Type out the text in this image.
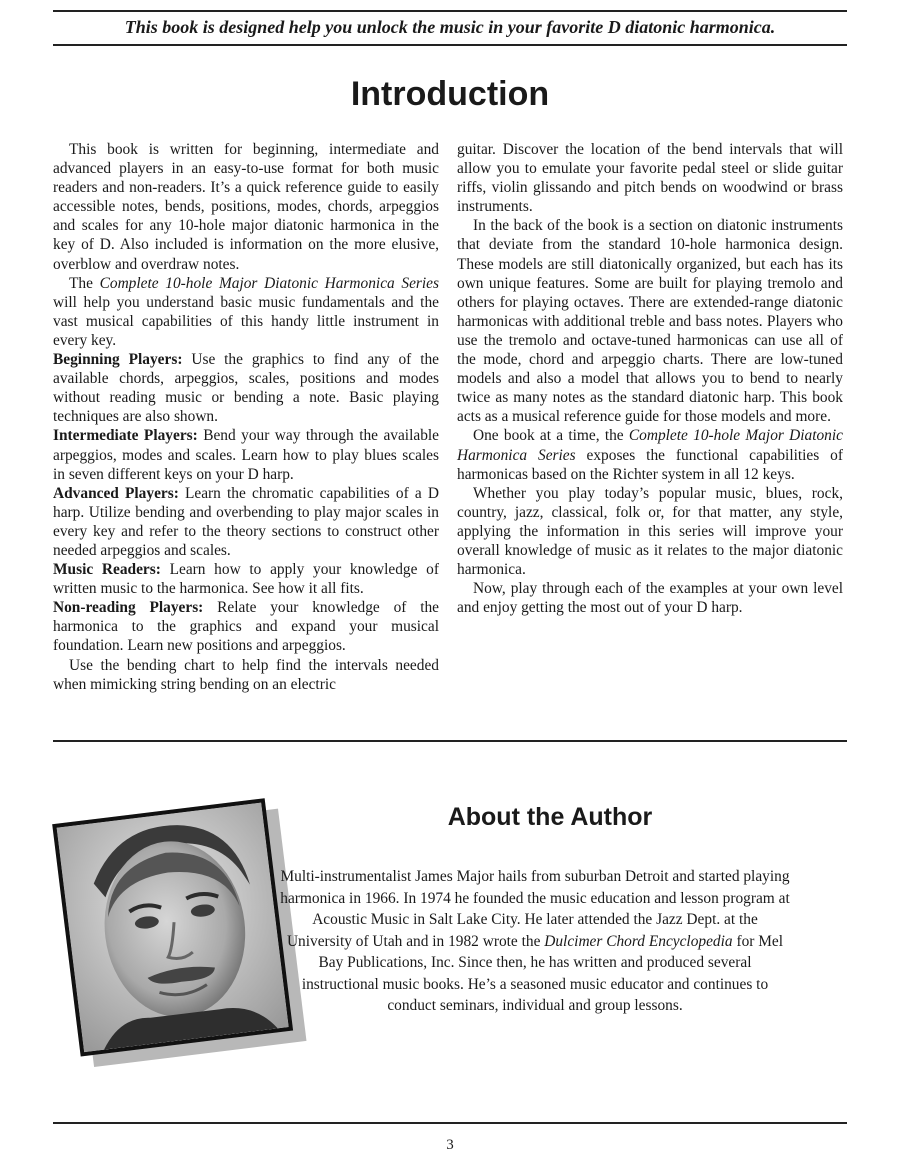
This book is designed help you unlock the music in your favorite D diatonic harmonica.
Introduction

This book is written for beginning, intermediate and advanced players in an easy-to-use format for both music readers and non-readers. It’s a quick reference guide to easily accessible notes, bends, positions, modes, chords, arpeggios and scales for any 10-hole major diatonic harmonica in the key of D. Also included is information on the more elusive, overblow and overdraw notes.

The Complete 10-hole Major Diatonic Harmonica Series will help you understand basic music fundamentals and the vast musical capabilities of this handy little instrument in every key.

Beginning Players: Use the graphics to find any of the available chords, arpeggios, scales, positions and modes without reading music or bending a note. Basic playing techniques are also shown.

Intermediate Players: Bend your way through the available arpeggios, modes and scales. Learn how to play blues scales in seven different keys on your D harp.

Advanced Players: Learn the chromatic capabilities of a D harp. Utilize bending and overbending to play major scales in every key and refer to the theory sections to construct other needed arpeggios and scales.

Music Readers: Learn how to apply your knowledge of written music to the harmonica. See how it all fits.

Non-reading Players: Relate your knowledge of the harmonica to the graphics and expand your musical foundation. Learn new positions and arpeggios.

Use the bending chart to help find the intervals needed when mimicking string bending on an electric

guitar. Discover the location of the bend intervals that will allow you to emulate your favorite pedal steel or slide guitar riffs, violin glissando and pitch bends on woodwind or brass instruments.

In the back of the book is a section on diatonic instruments that deviate from the standard 10-hole harmonica design. These models are still diatonically organized, but each has its own unique features. Some are built for playing tremolo and others for playing octaves. There are extended-range diatonic harmonicas with additional treble and bass notes. Players who use the tremolo and octave-tuned harmonicas can use all of the mode, chord and arpeggio charts. There are low-tuned models and also a model that allows you to bend to nearly twice as many notes as the standard diatonic harp. This book acts as a musical reference guide for those models and more.

One book at a time, the Complete 10-hole Major Diatonic Harmonica Series exposes the functional capabilities of harmonicas based on the Richter system in all 12 keys.

Whether you play today’s popular music, blues, rock, country, jazz, classical, folk or, for that matter, any style, applying the information in this series will improve your overall knowledge of music as it relates to the major diatonic harmonica.

Now, play through each of the examples at your own level and enjoy getting the most out of your D harp.

About the Author
Multi-instrumentalist James Major hails from suburban Detroit and started playing harmonica in 1966. In 1974 he founded the music education and lesson program at Acoustic Music in Salt Lake City. He later attended the Jazz Dept. at the University of Utah and in 1982 wrote the Dulcimer Chord Encyclopedia for Mel Bay Publications, Inc. Since then, he has written and produced several instructional music books. He’s a seasoned music educator and continues to conduct seminars, individual and group lessons.
3
